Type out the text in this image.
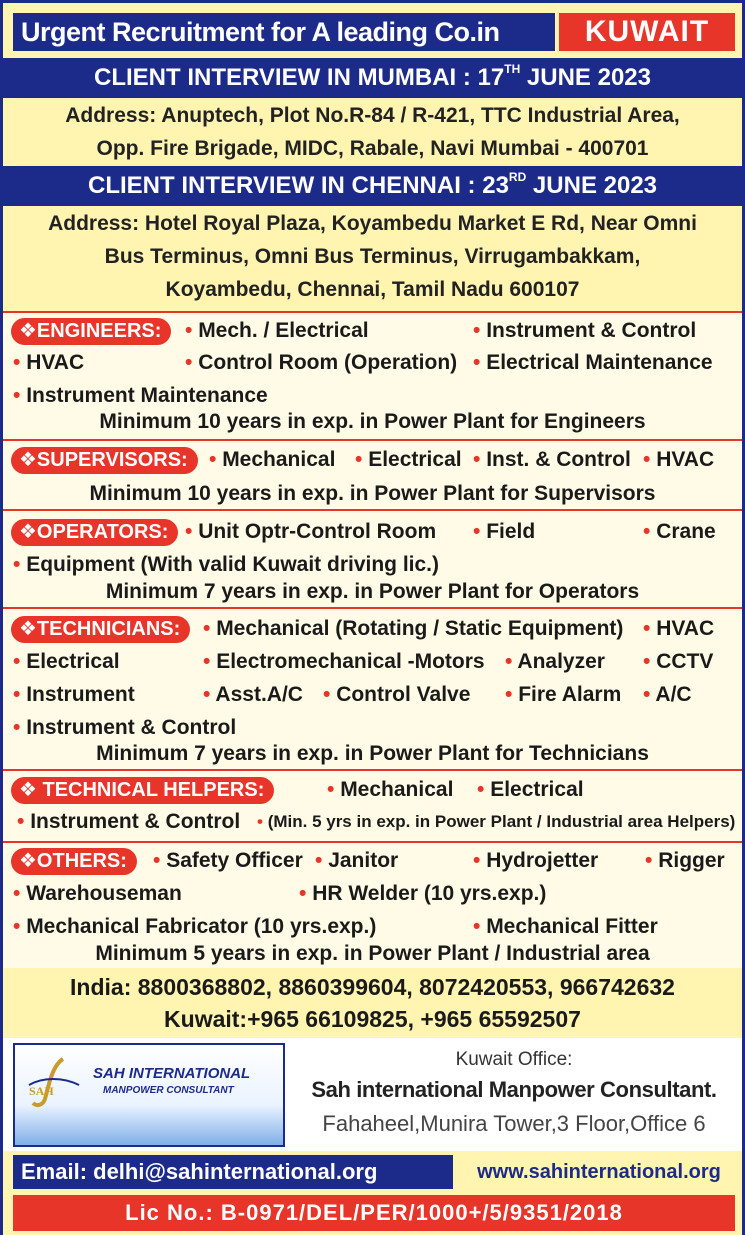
Urgent Recruitment for A leading Co.in	KUWAIT
CLIENT INTERVIEW IN MUMBAI : 17TH JUNE 2023
Address: Anuptech, Plot No.R-84 / R-421, TTC Industrial Area,
Opp. Fire Brigade, MIDC, Rabale, Navi Mumbai - 400701
CLIENT INTERVIEW IN CHENNAI : 23RD JUNE 2023
Address: Hotel Royal Plaza, Koyambedu Market E Rd, Near Omni
Bus Terminus, Omni Bus Terminus, Virrugambakkam,
Koyambedu, Chennai, Tamil Nadu 600107
❖ENGINEERS:	• Mech. / Electrical	• Instrument & Control
• HVAC	• Control Room (Operation)	• Electrical Maintenance
• Instrument Maintenance
Minimum 10 years in exp. in Power Plant for Engineers
❖SUPERVISORS:	• Mechanical	• Electrical	• Inst. & Control	• HVAC
Minimum 10 years in exp. in Power Plant for Supervisors
❖OPERATORS:	• Unit Optr-Control Room	• Field	• Crane
• Equipment (With valid Kuwait driving lic.)
Minimum 7 years in exp. in Power Plant for Operators
❖TECHNICIANS:	• Mechanical (Rotating / Static Equipment)	• HVAC
• Electrical	• Electromechanical -Motors	• Analyzer	• CCTV
• Instrument	• Asst.A/C	• Control Valve	• Fire Alarm	• A/C
• Instrument & Control
Minimum 7 years in exp. in Power Plant for Technicians
❖ TECHNICAL HELPERS:	• Mechanical	• Electrical
• Instrument & Control	• (Min. 5 yrs in exp. in Power Plant / Industrial area Helpers)
❖OTHERS:	• Safety Officer	• Janitor	• Hydrojetter	• Rigger
• Warehouseman	• HR Welder (10 yrs.exp.)
• Mechanical Fabricator (10 yrs.exp.)	• Mechanical Fitter
Minimum 5 years in exp. in Power Plant / Industrial area
India: 8800368802, 8860399604, 8072420553, 966742632
Kuwait:+965 66109825, +965 65592507
SAH
SAH INTERNATIONAL
MANPOWER CONSULTANT
Kuwait Office:
Sah international Manpower Consultant.
Fahaheel,Munira Tower,3 Floor,Office 6
Email: delhi@sahinternational.org	www.sahinternational.org
Lic No.: B-0971/DEL/PER/1000+/5/9351/2018
